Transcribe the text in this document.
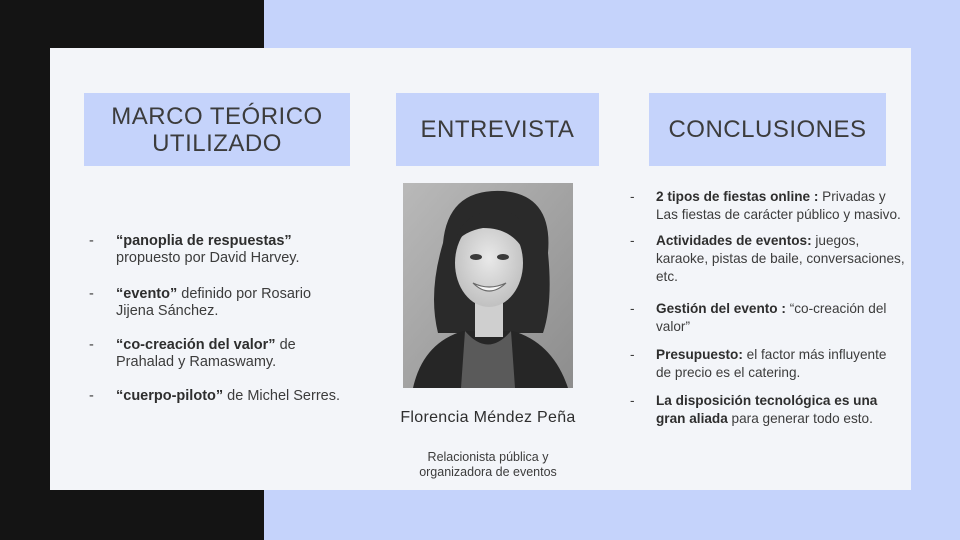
MARCO TEÓRICO
UTILIZADO
ENTREVISTA	CONCLUSIONES
- “panoplia de respuestas” propuesto por David Harvey.
- “evento” definido por Rosario Jijena Sánchez.
- “co-creación del valor” de Prahalad y Ramaswamy.
- “cuerpo-piloto” de Michel Serres.
Florencia Méndez Peña
Relacionista pública y organizadora de eventos
- 2 tipos de fiestas online : Privadas y Las fiestas de carácter público y masivo.
- Actividades de eventos: juegos, karaoke, pistas de baile, conversaciones, etc.
- Gestión del evento : “co-creación del valor”
- Presupuesto: el factor más influyente de precio es el catering.
- La disposición tecnológica es una gran aliada para generar todo esto.
